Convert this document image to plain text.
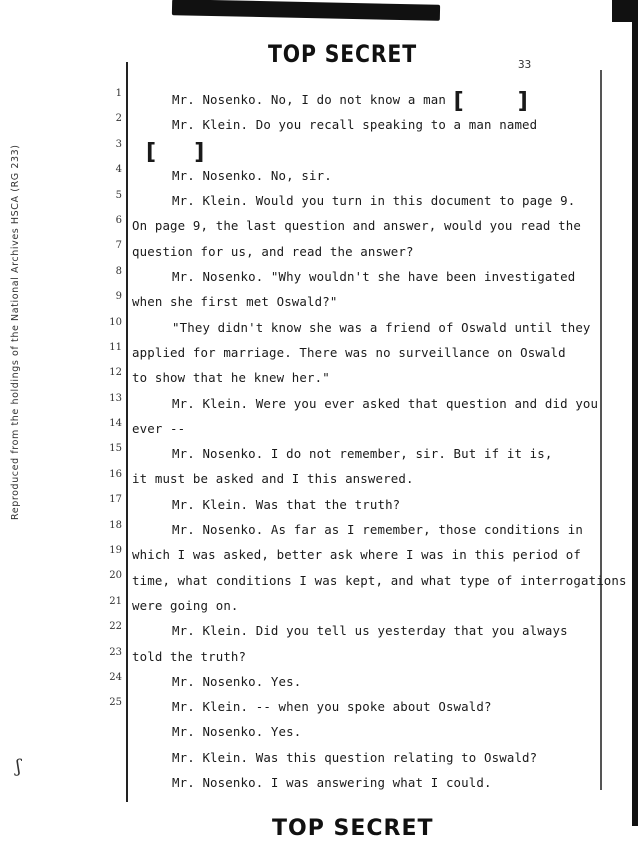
TOP SECRET	33
Reproduced from the holdings of the National Archives HSCA (RG 233)
1
2
3
4
5
6
7
8
9
10
11
12
13
14
15
16
17
18
19
20
21
22
23
24
25
Mr. Nosenko. No, I do not know a man [ ]
Mr. Klein. Do you recall speaking to a man named
[ ]
Mr. Nosenko. No, sir.
Mr. Klein. Would you turn in this document to page 9.
On page 9, the last question and answer, would you read the
question for us, and read the answer?
Mr. Nosenko. "Why wouldn't she have been investigated
when she first met Oswald?"
"They didn't know she was a friend of Oswald until they
applied for marriage. There was no surveillance on Oswald
to show that he knew her."
Mr. Klein. Were you ever asked that question and did you
ever --
Mr. Nosenko. I do not remember, sir. But if it is,
it must be asked and I this answered.
Mr. Klein. Was that the truth?
Mr. Nosenko. As far as I remember, those conditions in
which I was asked, better ask where I was in this period of
time, what conditions I was kept, and what type of interrogations
were going on.
Mr. Klein. Did you tell us yesterday that you always
told the truth?
Mr. Nosenko. Yes.
Mr. Klein. -- when you spoke about Oswald?
Mr. Nosenko. Yes.
Mr. Klein. Was this question relating to Oswald?
Mr. Nosenko. I was answering what I could.
ʃ
TOP SECRET
